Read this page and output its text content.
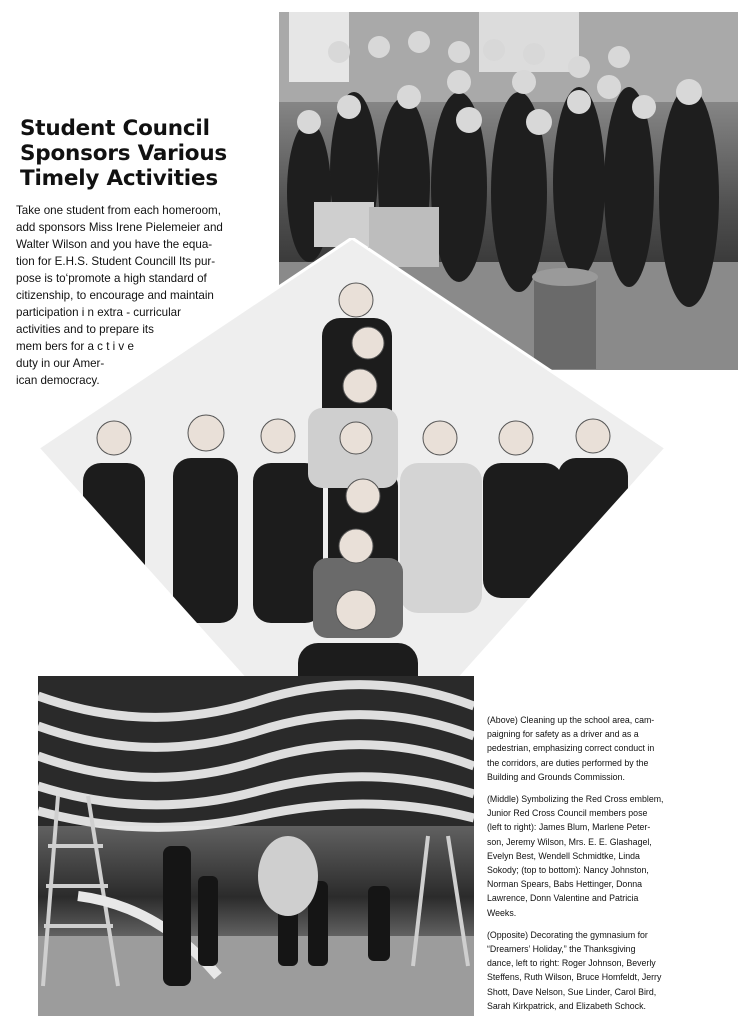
Student Council
Sponsors Various
Timely Activities

Take one student from each homeroom,
add sponsors Miss Irene Pielemeier and
Walter Wilson and you have the equa-
tion for E.H.S. Student Councill Its pur-
pose is to‘promote a high standard of
citizenship, to encourage and maintain
participation i n extra - curricular
activities and to prepare its
mem bers for a c t i v e
duty in our Amer-
ican democracy.

(Above) Cleaning up the school area, cam-
paigning for safety as a driver and as a
pedestrian, emphasizing correct conduct in
the corridors, are duties performed by the
Building and Grounds Commission.

(Middle) Symbolizing the Red Cross emblem,
Junior Red Cross Council members pose
(left to right): James Blum, Marlene Peter-
son, Jeremy Wilson, Mrs. E. E. Glashagel,
Evelyn Best, Wendell Schmidtke, Linda
Sokody; (top to bottom): Nancy Johnston,
Norman Spears, Babs Hettinger, Donna
Lawrence, Donn Valentine and Patricia
Weeks.

(Opposite) Decorating the gymnasium for
“Dreamers’ Holiday,” the Thanksgiving
dance, left to right: Roger Johnson, Beverly
Steffens, Ruth Wilson, Bruce Homfeldt, Jerry
Shott, Dave Nelson, Sue Linder, Carol Bird,
Sarah Kirkpatrick, and Elizabeth Schock.
